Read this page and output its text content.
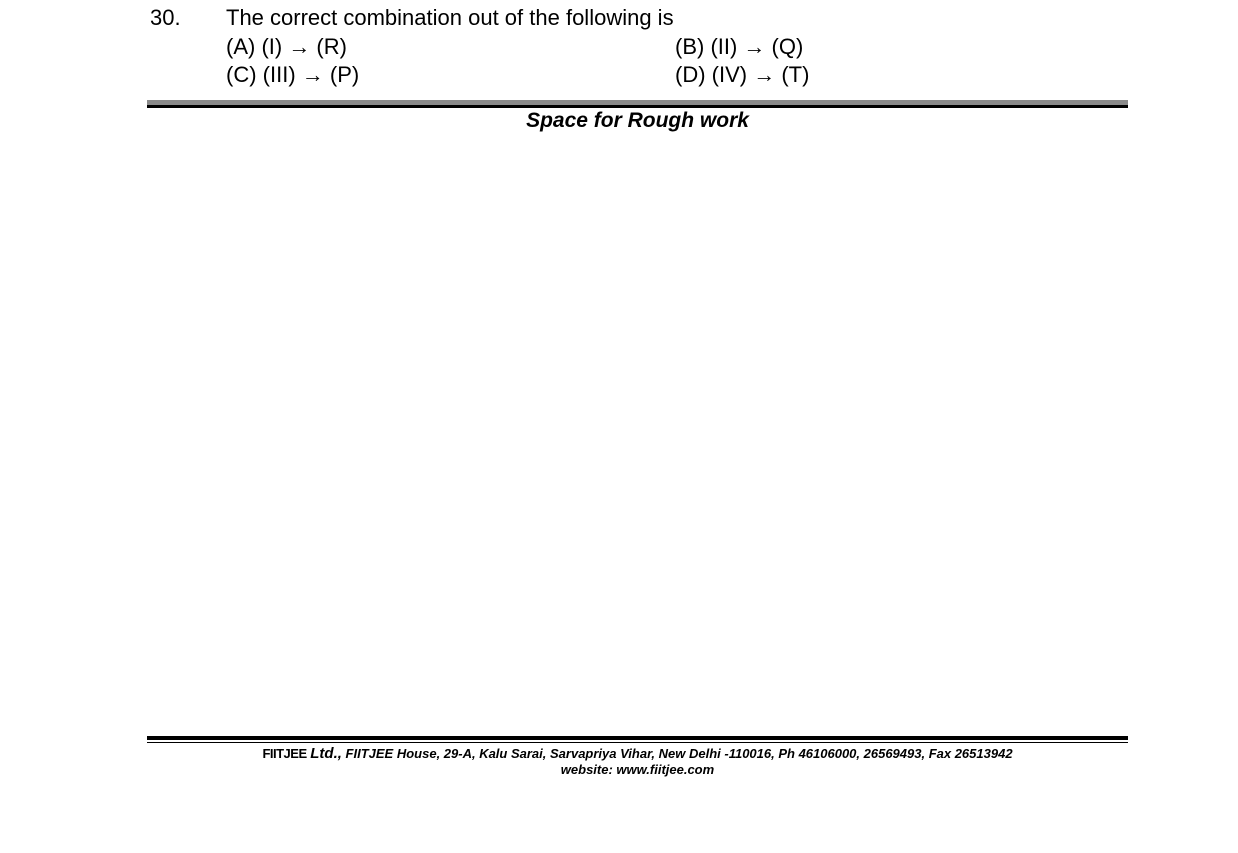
30. The correct combination out of the following is
(A) (I) → (R)	(B) (II) → (Q)
(C) (III) → (P)	(D) (IV) → (T)
Space for Rough work
FIITJEE Ltd., FIITJEE House, 29-A, Kalu Sarai, Sarvapriya Vihar, New Delhi -110016, Ph 46106000, 26569493, Fax 26513942
website: www.fiitjee.com
